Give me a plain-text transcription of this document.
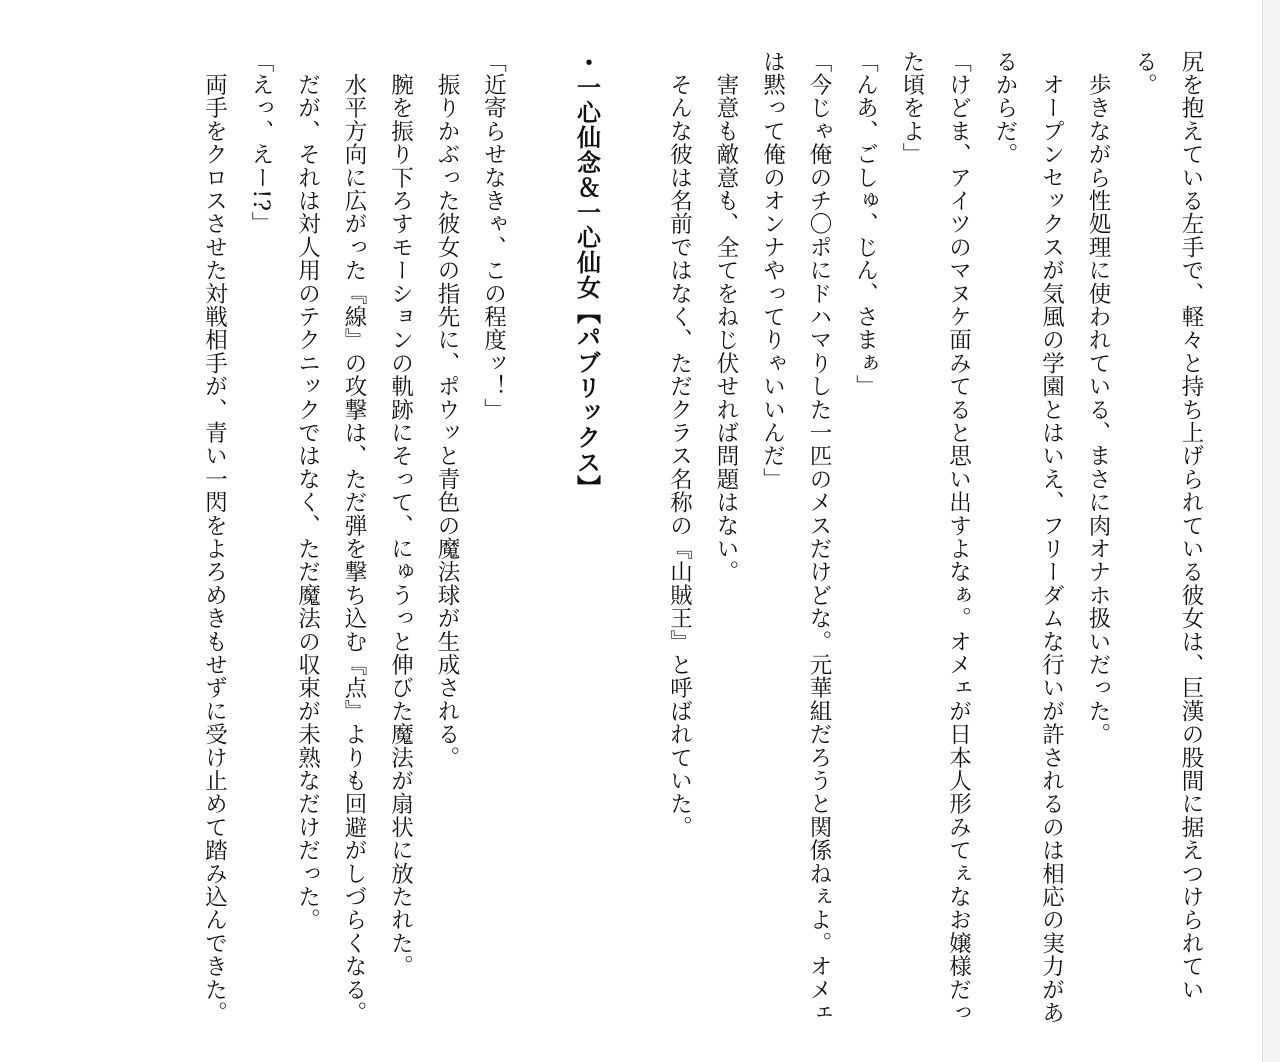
尻を抱えている左手で、軽々と持ち上げられている彼女は、巨漢の股間に据えつけられている。

　歩きながら性処理に使われている、まさに肉オナホ扱いだった。

　オープンセックスが気風の学園とはいえ、フリーダムな行いが許されるのは相応の実力があるからだ。

「けどま、アイツのマヌケ面みてると思い出すよなぁ。オメェが日本人形みてぇなお嬢様だった頃をよ」

「んあ、ごしゅ、じん、さまぁ」

「今じゃ俺のチ〇ポにドハマりした一匹のメスだけどな。元華組だろうと関係ねぇよ。オメェは黙って俺のオンナやってりゃいいんだ」

　害意も敵意も、全てをねじ伏せれば問題はない。

　そんな彼は名前ではなく、ただクラス名称の『山賊王』と呼ばれていた。

・一心仙念＆一心仙女【パブリックス】

「近寄らせなきゃ、この程度ッ！」

　振りかぶった彼女の指先に、ポウッと青色の魔法球が生成される。

　腕を振り下ろすモーションの軌跡にそって、にゅうっと伸びた魔法が扇状に放たれた。

　水平方向に広がった『線』の攻撃は、ただ弾を撃ち込む『点』よりも回避がしづらくなる。

　だが、それは対人用のテクニックではなく、ただ魔法の収束が未熟なだけだった。

「えっ、えー!?」

　両手をクロスさせた対戦相手が、青い一閃をよろめきもせずに受け止めて踏み込んできた。
